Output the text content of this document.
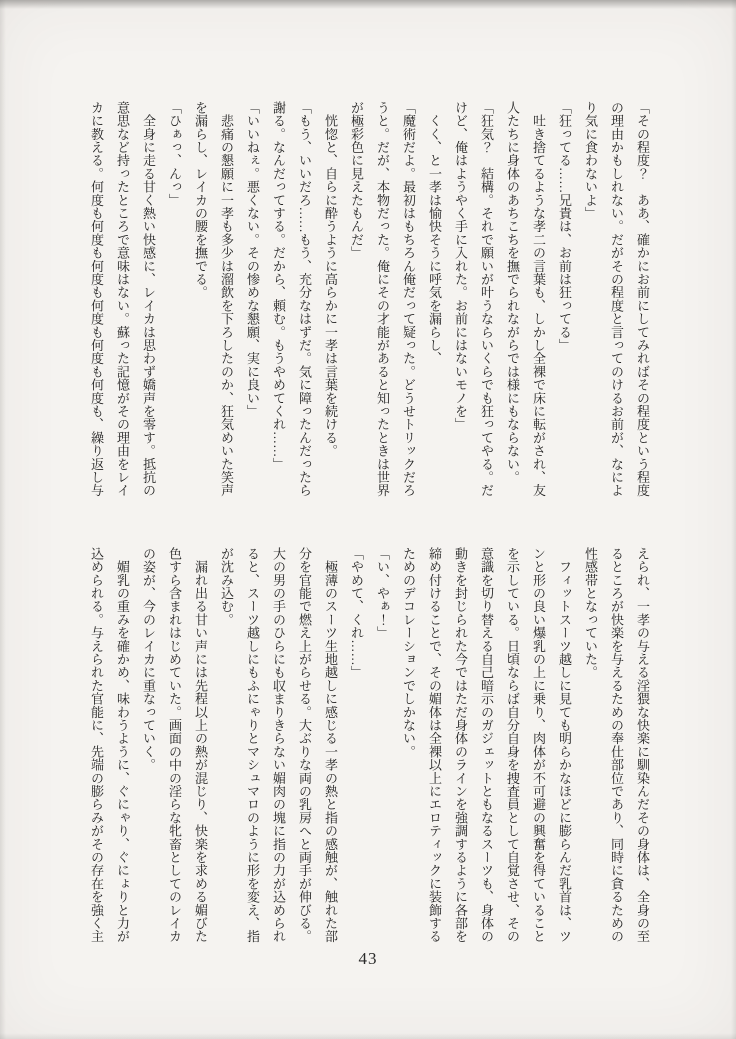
「その程度？　ああ、確かにお前にしてみればその程度という程度

の理由かもしれない。だがその程度と言ってのけるお前が、なによ

り気に食わないよ」

「狂ってる……兄貴は、お前は狂ってる」

　吐き捨てるような孝二の言葉も、しかし全裸で床に転がされ、友

人たちに身体のあちこちを撫でられながらでは様にもならない。

「狂気？　結構。それで願いが叶うならいくらでも狂ってやる。だ

けど、俺はようやく手に入れた。お前にはないモノを」

　くく、と一孝は愉快そうに呼気を漏らし、

「魔術だよ。最初はもちろん俺だって疑った。どうせトリックだろ

うと。だが、本物だった。俺にその才能があると知ったときは世界

が極彩色に見えたもんだ」

　恍惚と、自らに酔うように高らかに一孝は言葉を続ける。

「もう、いいだろ……もう、充分なはずだ。気に障ったんだったら

謝る。なんだってする。だから、頼む。もうやめてくれ……」

「いいねぇ。悪くない。その惨めな懇願、実に良い」

　悲痛の懇願に一孝も多少は溜飲を下ろしたのか、狂気めいた笑声

を漏らし、レイカの腰を撫でる。

「ひぁっ、んっ」

　全身に走る甘く熱い快感に、レイカは思わず嬌声を零す。抵抗の

意思など持ったところで意味はない。蘇った記憶がその理由をレイ

カに教える。何度も何度も何度も何度も何度も何度も、繰り返し与

えられ、一孝の与える淫猥な快楽に馴染んだその身体は、全身の至

るところが快楽を与えるための奉仕部位であり、同時に貪るための

性感帯となっていた。

　フィットスーツ越しに見ても明らかなほどに膨らんだ乳首は、ツ

ンと形の良い爆乳の上に乗り、肉体が不可避の興奮を得ていること

を示している。日頃ならば自分自身を捜査員として自覚させ、その

意識を切り替える自己暗示のガジェットともなるスーツも、身体の

動きを封じられた今ではただ身体のラインを強調するように各部を

締め付けることで、その媚体は全裸以上にエロティックに装飾する

ためのデコレーションでしかない。

「い、やぁ！」

「やめて、くれ……」

　極薄のスーツ生地越しに感じる一孝の熱と指の感触が、触れた部

分を官能で燃え上がらせる。大ぶりな両の乳房へと両手が伸びる。

大の男の手のひらにも収まりきらない媚肉の塊に指の力が込められ

ると、スーツ越しにもふにゃりとマシュマロのように形を変え、指

が沈み込む。

　漏れ出る甘い声には先程以上の熱が混じり、快楽を求める媚びた

色すら含まれはじめていた。画面の中の淫らな牝畜としてのレイカ

の姿が、今のレイカに重なっていく。

　媚乳の重みを確かめ、味わうように、ぐにゃり、ぐにょりと力が

込められる。与えられた官能に、先端の膨らみがその存在を強く主

43
